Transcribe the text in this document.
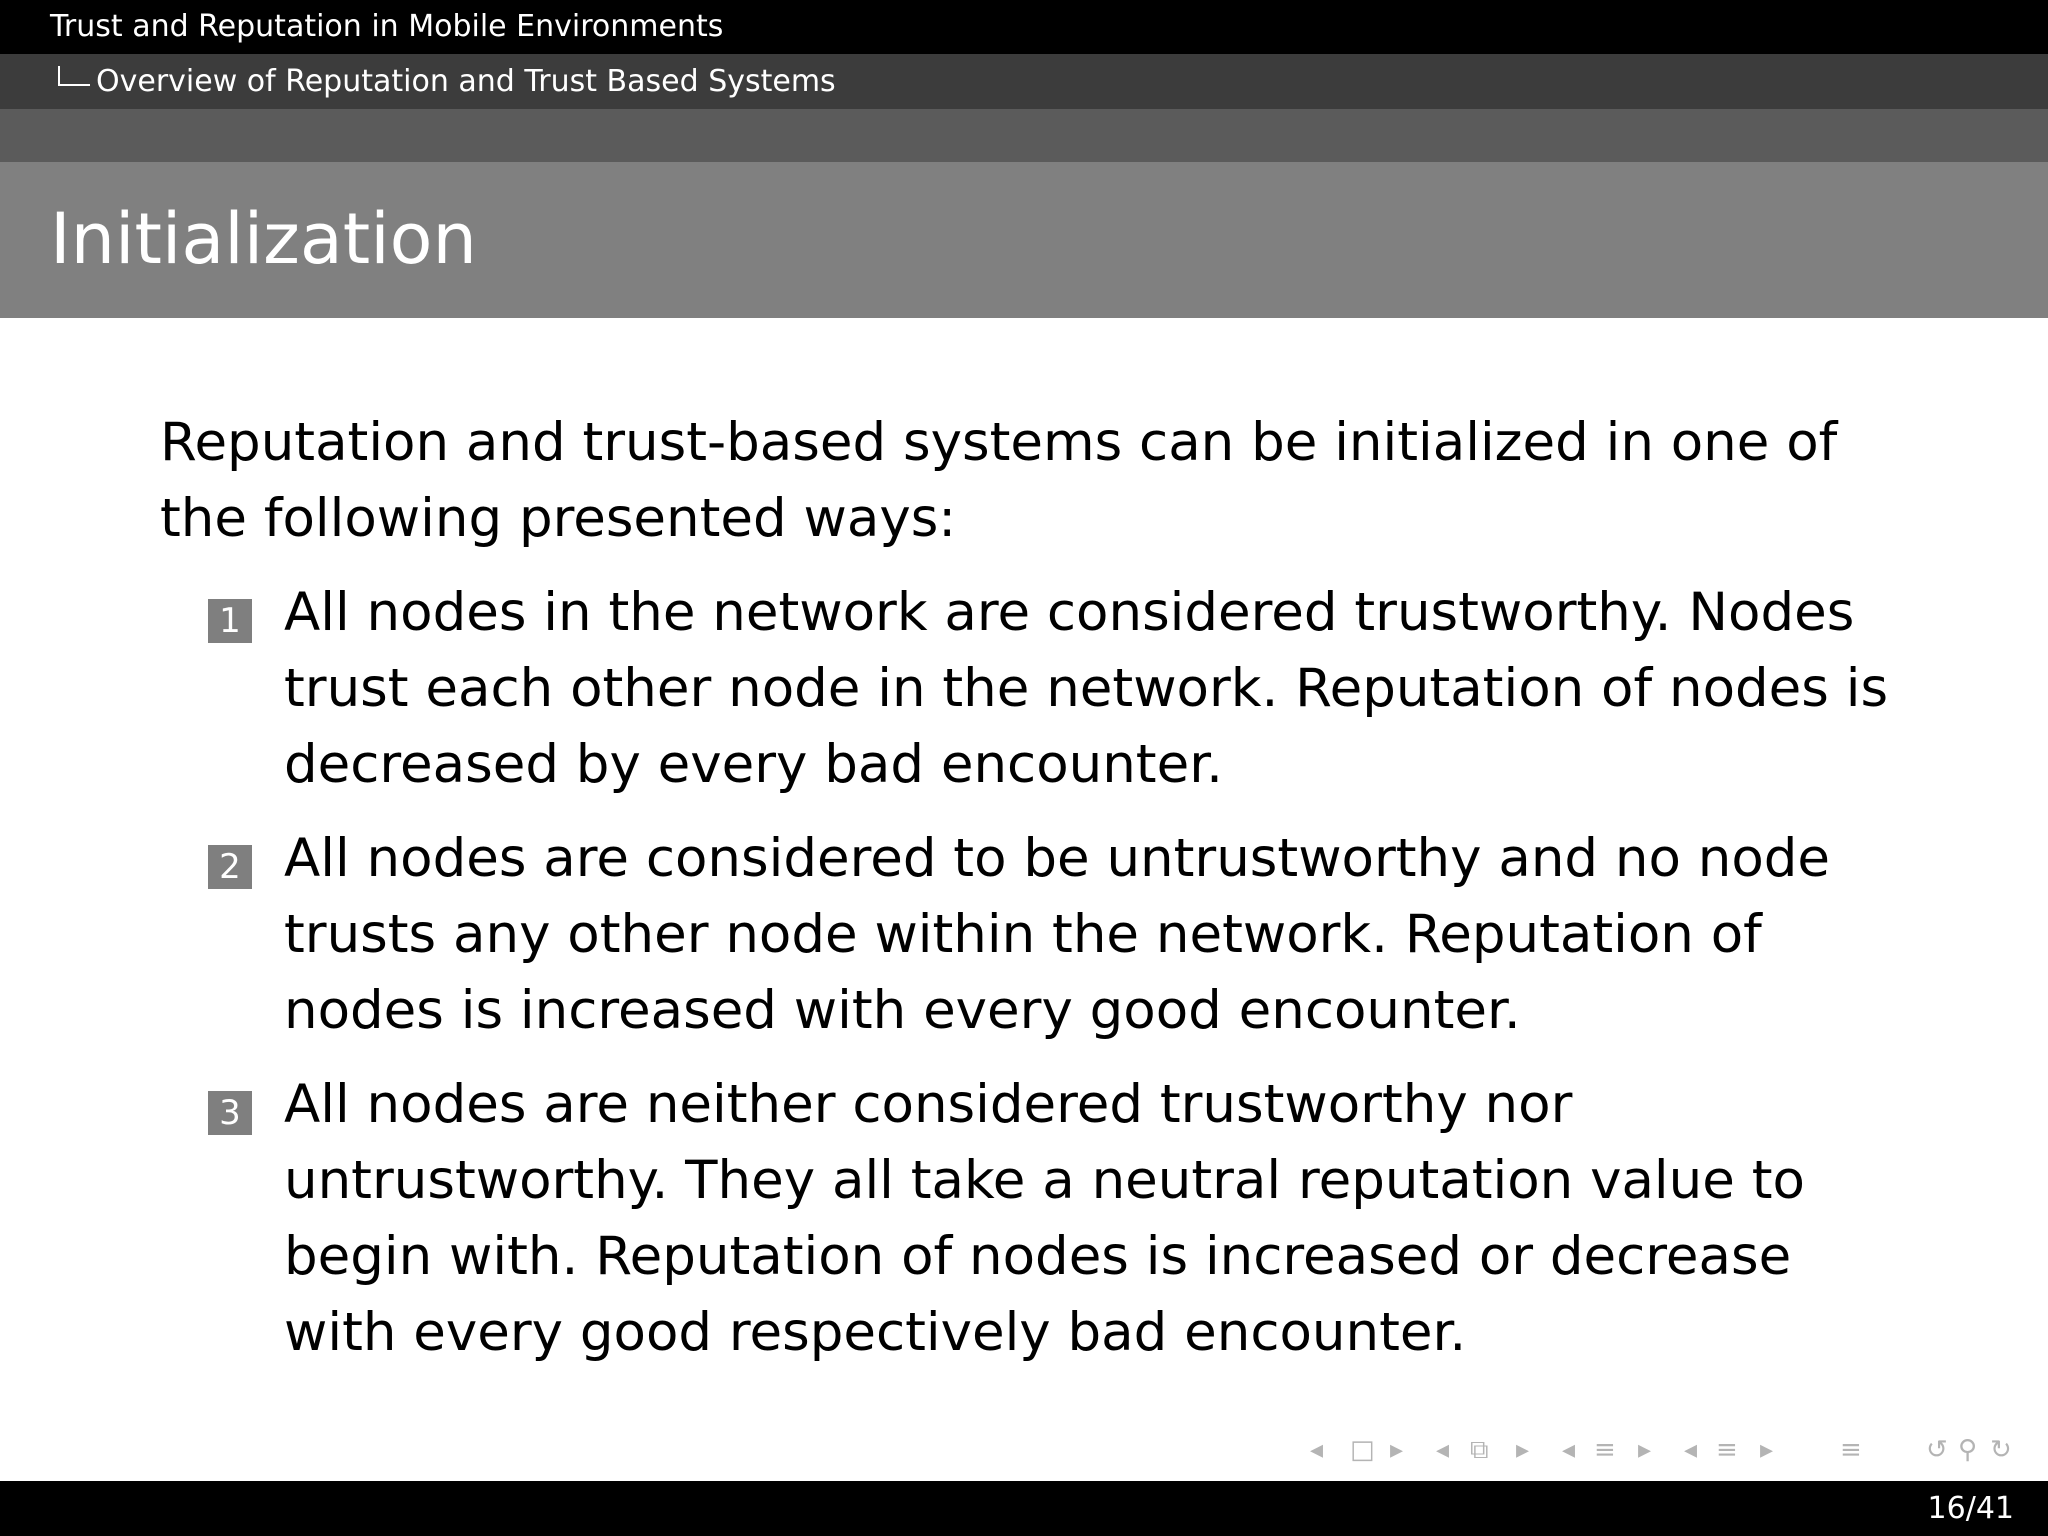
Trust and Reputation in Mobile Environments
Overview of Reputation and Trust Based Systems
Initialization

Reputation and trust-based systems can be initialized in one of the following presented ways:

1 All nodes in the network are considered trustworthy. Nodes trust each other node in the network. Reputation of nodes is decreased by every bad encounter.
2 All nodes are considered to be untrustworthy and no node trusts any other node within the network. Reputation of nodes is increased with every good encounter.
3 All nodes are neither considered trustworthy nor untrustworthy. They all take a neutral reputation value to begin with. Reputation of nodes is increased or decrease with every good respectively bad encounter.
◂ □ ▸ ◂ ⧉ ▸ ◂ ≡ ▸ ◂ ≡ ▸	≡ ↺ ⚲ ↻
16/41
